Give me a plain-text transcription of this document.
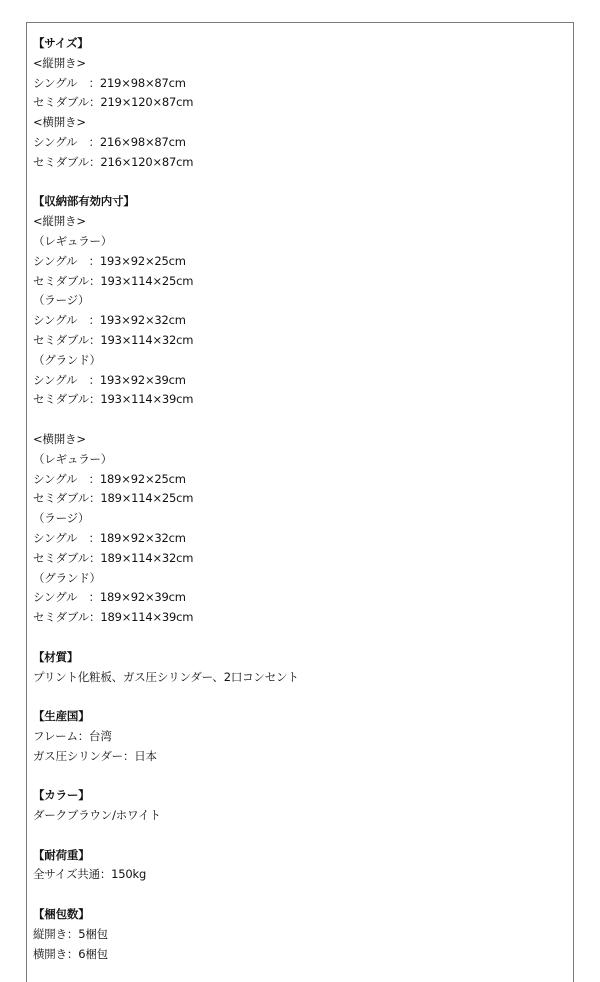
【サイズ】
<縦開き>
シングル　：219×98×87cm
セミダブル：219×120×87cm
<横開き>
シングル　：216×98×87cm
セミダブル：216×120×87cm
【収納部有効内寸】
<縦開き>
（レギュラー）
シングル　：193×92×25cm
セミダブル：193×114×25cm
（ラージ）
シングル　：193×92×32cm
セミダブル：193×114×32cm
（グランド）
シングル　：193×92×39cm
セミダブル：193×114×39cm
<横開き>
（レギュラー）
シングル　：189×92×25cm
セミダブル：189×114×25cm
（ラージ）
シングル　：189×92×32cm
セミダブル：189×114×32cm
（グランド）
シングル　：189×92×39cm
セミダブル：189×114×39cm
【材質】
プリント化粧板、ガス圧シリンダー、2口コンセント
【生産国】
フレーム：台湾
ガス圧シリンダー：日本
【カラー】
ダークブラウン/ホワイト
【耐荷重】
全サイズ共通：150kg
【梱包数】
縦開き：5梱包
横開き：6梱包
